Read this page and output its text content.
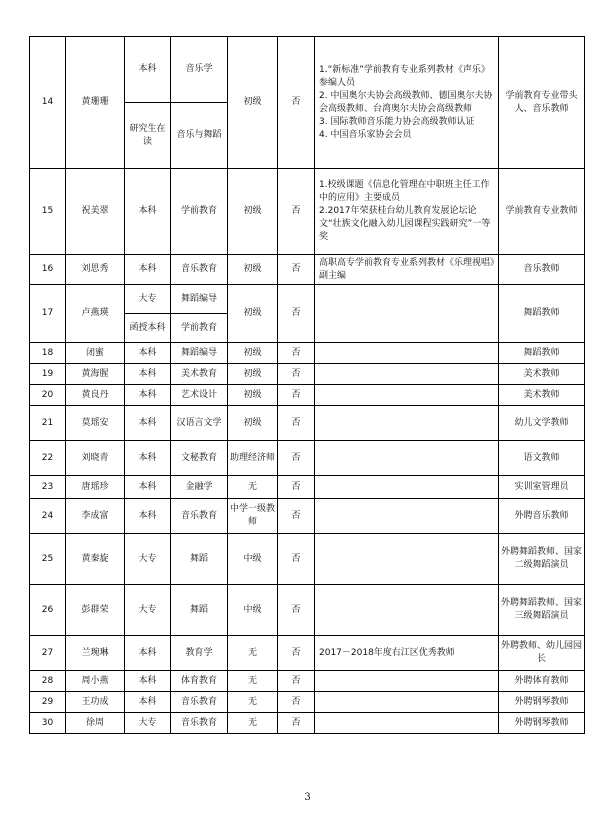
14	黄珊珊	本科	音乐学	初级	否	1.“新标准”学前教育专业系列教材《声乐》参编人员
2. 中国奥尔夫协会高级教师、德国奥尔夫协会高级教师、台湾奥尔夫协会高级教师
3. 国际教师音乐能力协会高级教师认证
4. 中国音乐家协会会员	学前教育专业带头人、音乐教师
		研究生在读	音乐与舞蹈				
15	祝美翠	本科	学前教育	初级	否	1.校级课题《信息化管理在中职班主任工作中的应用》主要成员
2.2017年荣获桂台幼儿教育发展论坛论文“壮族文化融入幼儿园课程实践研究”一等奖	学前教育专业教师
16	刘思秀	本科	音乐教育	初级	否	高职高专学前教育专业系列教材《乐理视唱》副主编	音乐教师
17	卢燕瑛	大专	舞蹈编导	初级	否		舞蹈教师
		函授本科	学前教育				
18	闭蜜	本科	舞蹈编导	初级	否		舞蹈教师
19	黄海腥	本科	美术教育	初级	否		美术教师
20	黄良丹	本科	艺术设计	初级	否		美术教师
21	莫瑶安	本科	汉语言文学	初级	否		幼儿文学教师
22	刘晓青	本科	文秘教育	助理经济师	否		语文教师
23	唐瑶珍	本科	金融学	无	否		实训室管理员
24	李成富	本科	音乐教育	中学一级教师	否		外聘音乐教师
25	黄秦旋	大专	舞蹈	中级	否		外聘舞蹈教师、国家二级舞蹈演员
26	彭群荣	大专	舞蹈	中级	否		外聘舞蹈教师、国家三级舞蹈演员
27	兰琬琳	本科	教育学	无	否	2017－2018年度右江区优秀教师	外聘教师、幼儿园园长
28	周小燕	本科	体育教育	无	否		外聘体育教师
29	王功成	本科	音乐教育	无	否		外聘钢琴教师
30	徐周	大专	音乐教育	无	否		外聘钢琴教师
3
